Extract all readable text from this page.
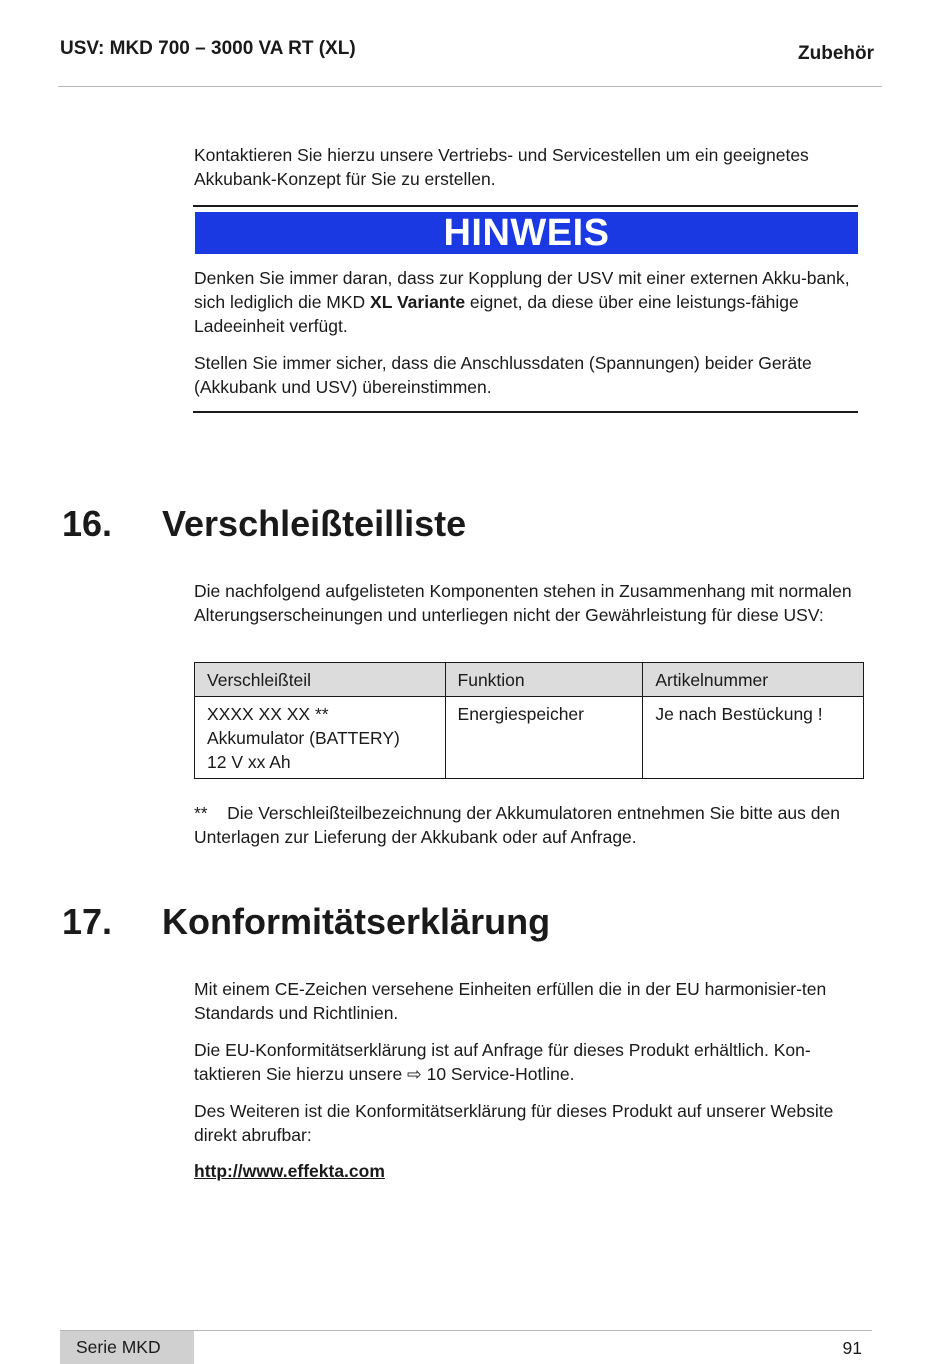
USV: MKD 700 – 3000 VA RT (XL)	Zubehör

Kontaktieren Sie hierzu unsere Vertriebs- und Servicestellen um ein geeignetes Akkubank-Konzept für Sie zu erstellen.

HINWEIS

Denken Sie immer daran, dass zur Kopplung der USV mit einer externen Akku-bank, sich lediglich die MKD XL Variante eignet, da diese über eine leistungs-fähige Ladeeinheit verfügt.

Stellen Sie immer sicher, dass die Anschlussdaten (Spannungen) beider Geräte (Akkubank und USV) übereinstimmen.

16. Verschleißteilliste

Die nachfolgend aufgelisteten Komponenten stehen in Zusammenhang mit normalen Alterungserscheinungen und unterliegen nicht der Gewährleistung für diese USV:

Verschleißteil	Funktion	Artikelnummer

XXXX XX XX **
Akkumulator (BATTERY)
12 V xx Ah	Energiespeicher	Je nach Bestückung !

**    Die Verschleißteilbezeichnung der Akkumulatoren entnehmen Sie bitte aus den Unterlagen zur Lieferung der Akkubank oder auf Anfrage.

17. Konformitätserklärung

Mit einem CE-Zeichen versehene Einheiten erfüllen die in der EU harmonisier-ten Standards und Richtlinien.

Die EU-Konformitätserklärung ist auf Anfrage für dieses Produkt erhältlich. Kon-taktieren Sie hierzu unsere ⇨ 10 Service-Hotline.

Des Weiteren ist die Konformitätserklärung für dieses Produkt auf unserer Website direkt abrufbar:

http://www.effekta.com
Serie MKD	91
